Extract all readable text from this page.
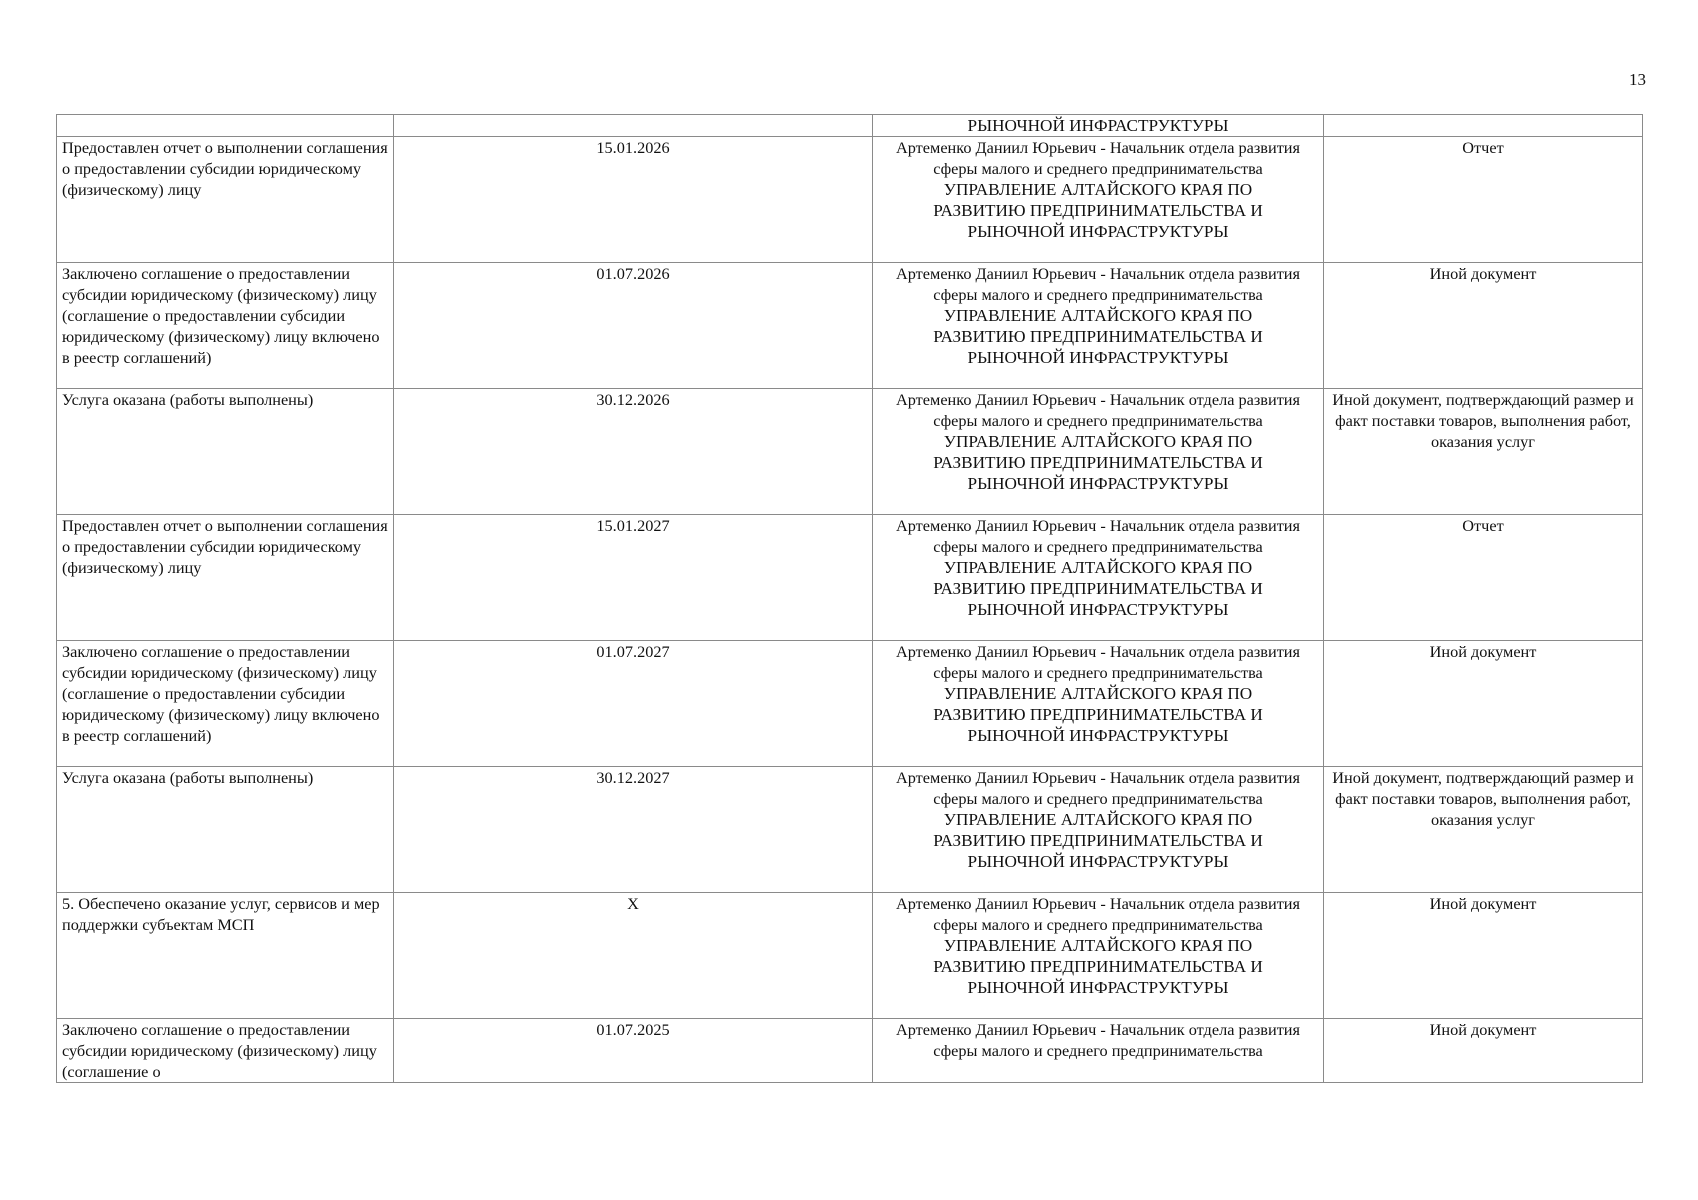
13

		РЫНОЧНОЙ ИНФРАСТРУКТУРЫ	

Предоставлен отчет о выполнении соглашения о предоставлении субсидии юридическому (физическому) лицу	15.01.2026	Артеменко Даниил Юрьевич - Начальник отдела развития сферы малого и среднего предпринимательства
УПРАВЛЕНИЕ АЛТАЙСКОГО КРАЯ ПО
РАЗВИТИЮ ПРЕДПРИНИМАТЕЛЬСТВА И
РЫНОЧНОЙ ИНФРАСТРУКТУРЫ	Отчет
Заключено соглашение о предоставлении субсидии юридическому (физическому) лицу (соглашение о предоставлении субсидии юридическому (физическому) лицу включено в реестр соглашений)	01.07.2026	Артеменко Даниил Юрьевич - Начальник отдела развития сферы малого и среднего предпринимательства
УПРАВЛЕНИЕ АЛТАЙСКОГО КРАЯ ПО
РАЗВИТИЮ ПРЕДПРИНИМАТЕЛЬСТВА И
РЫНОЧНОЙ ИНФРАСТРУКТУРЫ	Иной документ
Услуга оказана (работы выполнены)	30.12.2026	Артеменко Даниил Юрьевич - Начальник отдела развития сферы малого и среднего предпринимательства
УПРАВЛЕНИЕ АЛТАЙСКОГО КРАЯ ПО
РАЗВИТИЮ ПРЕДПРИНИМАТЕЛЬСТВА И
РЫНОЧНОЙ ИНФРАСТРУКТУРЫ	Иной документ, подтверждающий размер и факт поставки товаров, выполнения работ, оказания услуг
Предоставлен отчет о выполнении соглашения о предоставлении субсидии юридическому (физическому) лицу	15.01.2027	Артеменко Даниил Юрьевич - Начальник отдела развития сферы малого и среднего предпринимательства
УПРАВЛЕНИЕ АЛТАЙСКОГО КРАЯ ПО
РАЗВИТИЮ ПРЕДПРИНИМАТЕЛЬСТВА И
РЫНОЧНОЙ ИНФРАСТРУКТУРЫ	Отчет
Заключено соглашение о предоставлении субсидии юридическому (физическому) лицу (соглашение о предоставлении субсидии юридическому (физическому) лицу включено в реестр соглашений)	01.07.2027	Артеменко Даниил Юрьевич - Начальник отдела развития сферы малого и среднего предпринимательства
УПРАВЛЕНИЕ АЛТАЙСКОГО КРАЯ ПО
РАЗВИТИЮ ПРЕДПРИНИМАТЕЛЬСТВА И
РЫНОЧНОЙ ИНФРАСТРУКТУРЫ	Иной документ
Услуга оказана (работы выполнены)	30.12.2027	Артеменко Даниил Юрьевич - Начальник отдела развития сферы малого и среднего предпринимательства
УПРАВЛЕНИЕ АЛТАЙСКОГО КРАЯ ПО
РАЗВИТИЮ ПРЕДПРИНИМАТЕЛЬСТВА И
РЫНОЧНОЙ ИНФРАСТРУКТУРЫ	Иной документ, подтверждающий размер и факт поставки товаров, выполнения работ, оказания услуг
5. Обеспечено оказание услуг, сервисов и мер поддержки субъектам МСП	X	Артеменко Даниил Юрьевич - Начальник отдела развития сферы малого и среднего предпринимательства
УПРАВЛЕНИЕ АЛТАЙСКОГО КРАЯ ПО
РАЗВИТИЮ ПРЕДПРИНИМАТЕЛЬСТВА И
РЫНОЧНОЙ ИНФРАСТРУКТУРЫ	Иной документ
Заключено соглашение о предоставлении субсидии юридическому (физическому) лицу (соглашение о	01.07.2025	Артеменко Даниил Юрьевич - Начальник отдела развития сферы малого и среднего предпринимательства	Иной документ
